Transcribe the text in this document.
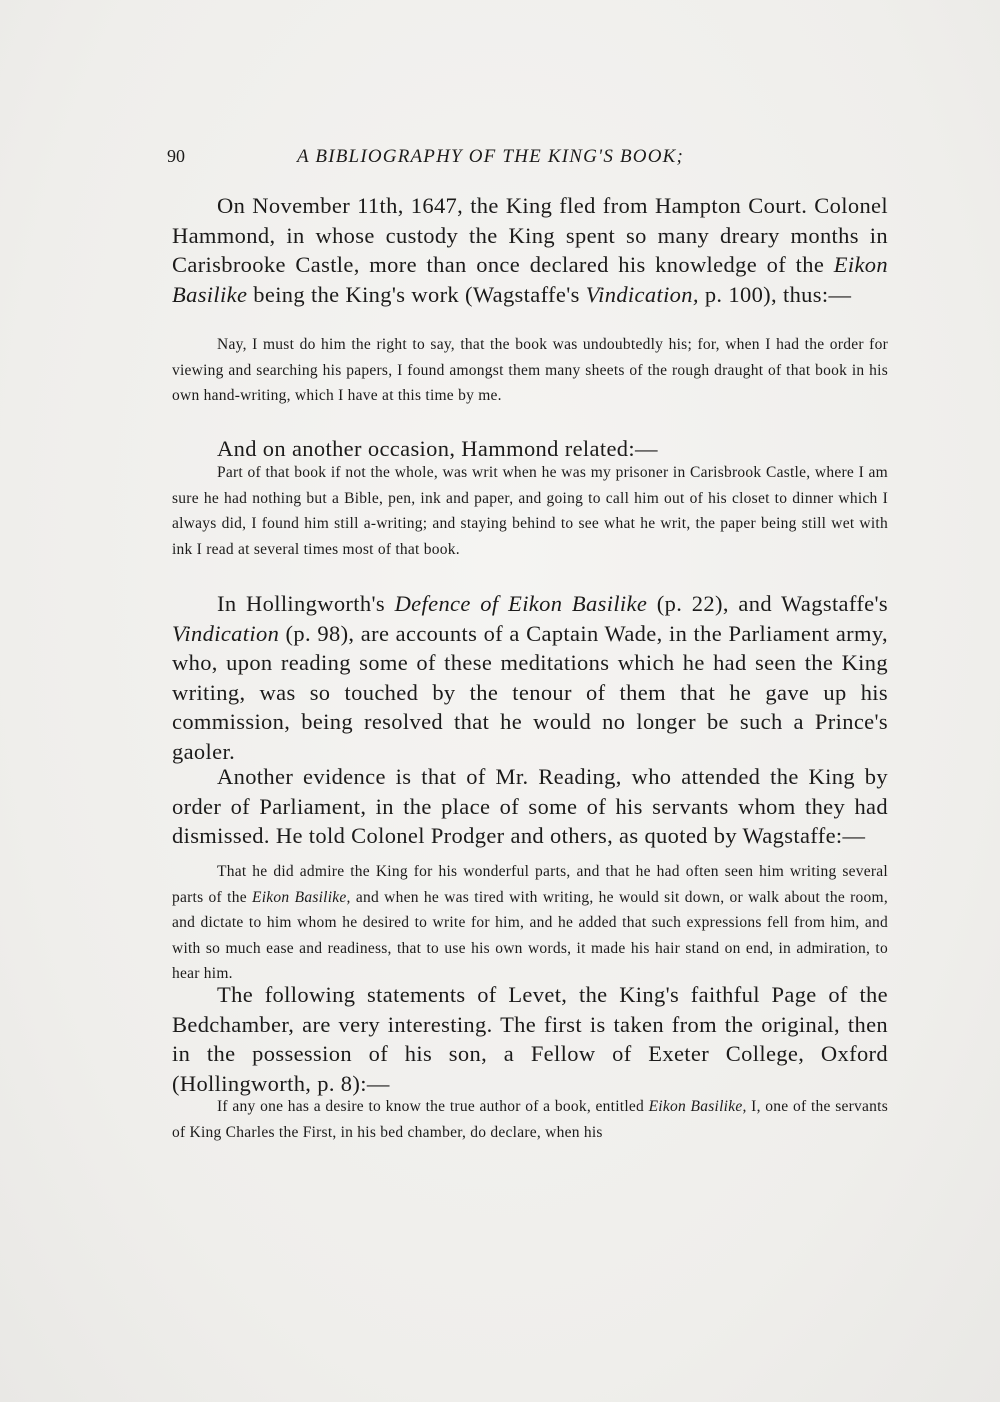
90	A BIBLIOGRAPHY OF THE KING'S BOOK;

On November 11th, 1647, the King fled from Hampton Court. Colonel Hammond, in whose custody the King spent so many dreary months in Carisbrooke Castle, more than once declared his knowledge of the Eikon Basilike being the King's work (Wagstaffe's Vindication, p. 100), thus:—

Nay, I must do him the right to say, that the book was undoubtedly his; for, when I had the order for viewing and searching his papers, I found amongst them many sheets of the rough draught of that book in his own hand-writing, which I have at this time by me.

And on another occasion, Hammond related:—

Part of that book if not the whole, was writ when he was my prisoner in Carisbrook Castle, where I am sure he had nothing but a Bible, pen, ink and paper, and going to call him out of his closet to dinner which I always did, I found him still a-writing; and staying behind to see what he writ, the paper being still wet with ink I read at several times most of that book.

In Hollingworth's Defence of Eikon Basilike (p. 22), and Wagstaffe's Vindication (p. 98), are accounts of a Captain Wade, in the Parliament army, who, upon reading some of these meditations which he had seen the King writing, was so touched by the tenour of them that he gave up his commission, being resolved that he would no longer be such a Prince's gaoler.

Another evidence is that of Mr. Reading, who attended the King by order of Parliament, in the place of some of his servants whom they had dismissed. He told Colonel Prodger and others, as quoted by Wagstaffe:—

That he did admire the King for his wonderful parts, and that he had often seen him writing several parts of the Eikon Basilike, and when he was tired with writing, he would sit down, or walk about the room, and dictate to him whom he desired to write for him, and he added that such expressions fell from him, and with so much ease and readiness, that to use his own words, it made his hair stand on end, in admiration, to hear him.

The following statements of Levet, the King's faithful Page of the Bedchamber, are very interesting. The first is taken from the original, then in the possession of his son, a Fellow of Exeter College, Oxford (Hollingworth, p. 8):—

If any one has a desire to know the true author of a book, entitled Eikon Basilike, I, one of the servants of King Charles the First, in his bed chamber, do declare, when his
